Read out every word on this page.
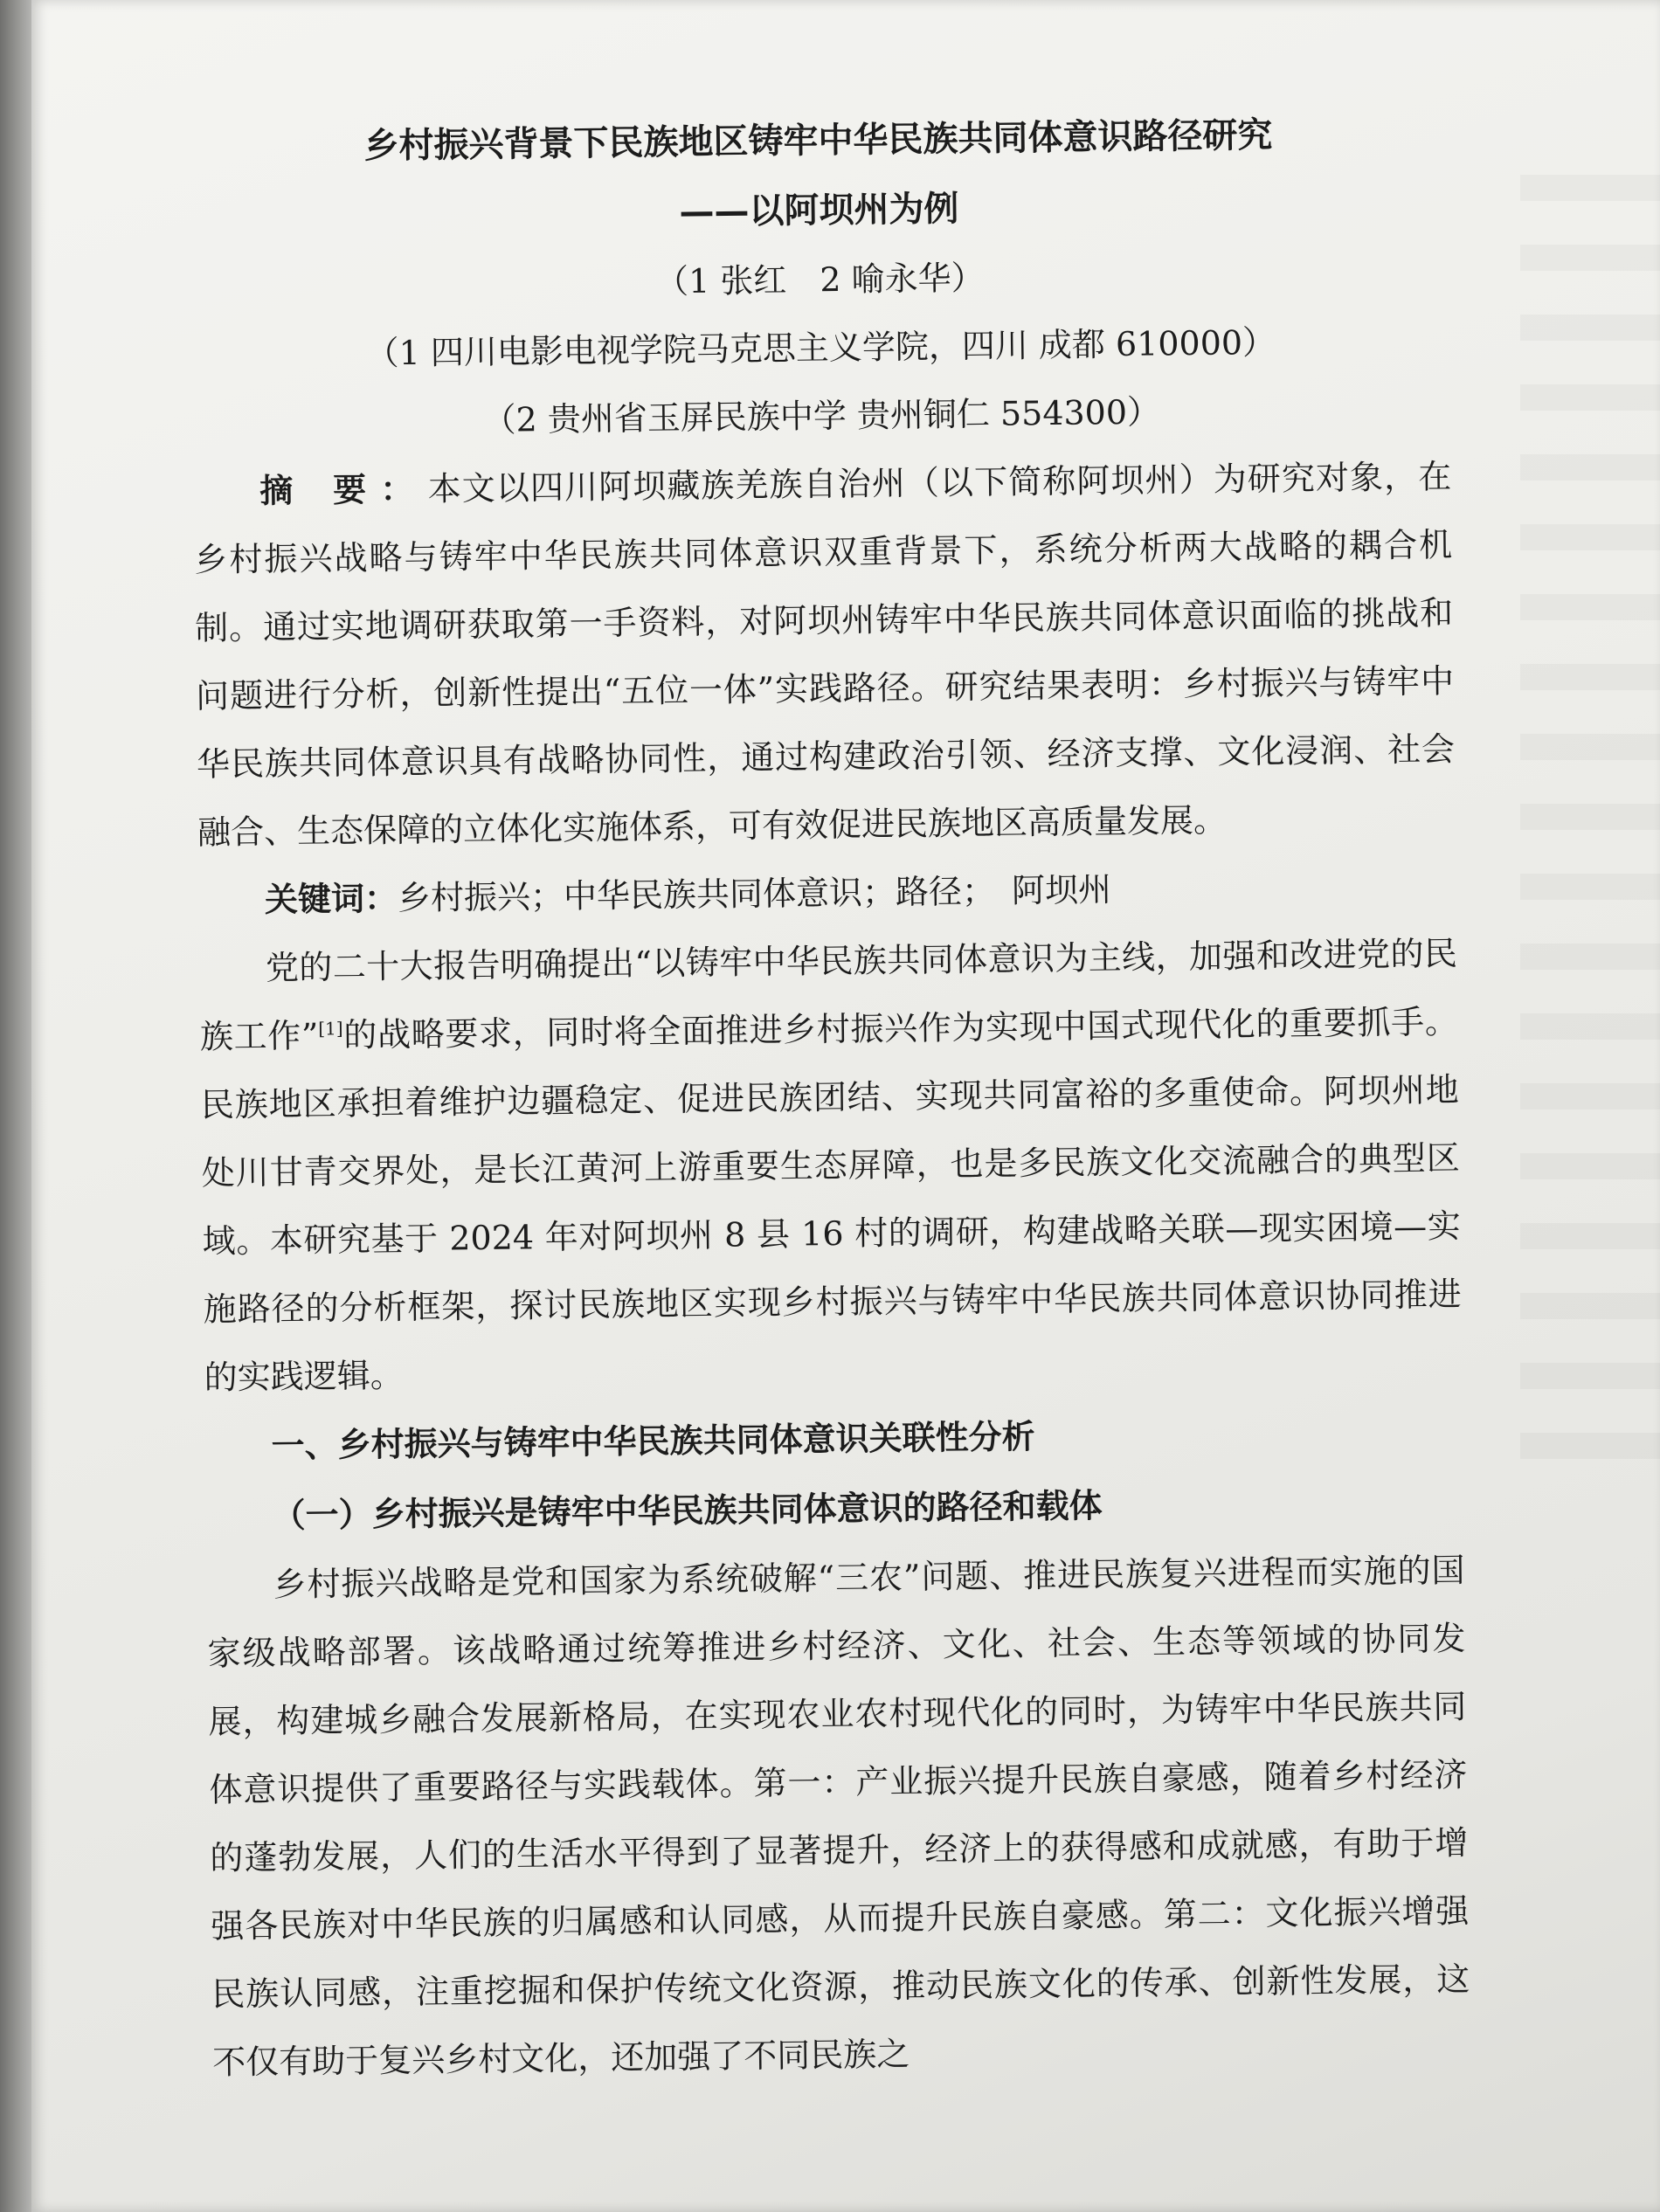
乡村振兴背景下民族地区铸牢中华民族共同体意识路径研究

——以阿坝州为例

（1 张红　2 喻永华）

（1 四川电影电视学院马克思主义学院，四川 成都 610000）

（2 贵州省玉屏民族中学 贵州铜仁 554300）

摘 要：本文以四川阿坝藏族羌族自治州（以下简称阿坝州）为研究对象，在乡村振兴战略与铸牢中华民族共同体意识双重背景下，系统分析两大战略的耦合机制。通过实地调研获取第一手资料，对阿坝州铸牢中华民族共同体意识面临的挑战和问题进行分析，创新性提出“五位一体”实践路径。研究结果表明：乡村振兴与铸牢中华民族共同体意识具有战略协同性，通过构建政治引领、经济支撑、文化浸润、社会融合、生态保障的立体化实施体系，可有效促进民族地区高质量发展。

关键词：乡村振兴；中华民族共同体意识；路径；　阿坝州

党的二十大报告明确提出“以铸牢中华民族共同体意识为主线，加强和改进党的民族工作”[1]的战略要求，同时将全面推进乡村振兴作为实现中国式现代化的重要抓手。民族地区承担着维护边疆稳定、促进民族团结、实现共同富裕的多重使命。阿坝州地处川甘青交界处，是长江黄河上游重要生态屏障，也是多民族文化交流融合的典型区域。本研究基于 2024 年对阿坝州 8 县 16 村的调研，构建战略关联—现实困境—实施路径的分析框架，探讨民族地区实现乡村振兴与铸牢中华民族共同体意识协同推进的实践逻辑。

一、乡村振兴与铸牢中华民族共同体意识关联性分析

（一）乡村振兴是铸牢中华民族共同体意识的路径和载体

乡村振兴战略是党和国家为系统破解“三农”问题、推进民族复兴进程而实施的国家级战略部署。该战略通过统筹推进乡村经济、文化、社会、生态等领域的协同发展，构建城乡融合发展新格局，在实现农业农村现代化的同时，为铸牢中华民族共同体意识提供了重要路径与实践载体。第一：产业振兴提升民族自豪感，随着乡村经济的蓬勃发展，人们的生活水平得到了显著提升，经济上的获得感和成就感，有助于增强各民族对中华民族的归属感和认同感，从而提升民族自豪感。第二：文化振兴增强民族认同感，注重挖掘和保护传统文化资源，推动民族文化的传承、创新性发展，这不仅有助于复兴乡村文化，还加强了不同民族之
